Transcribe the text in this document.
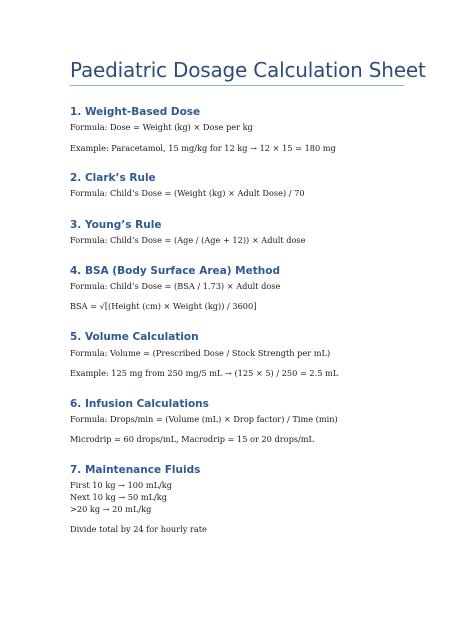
Paediatric Dosage Calculation Sheet
1. Weight-Based Dose

Formula: Dose = Weight (kg) × Dose per kg

Example: Paracetamol, 15 mg/kg for 12 kg → 12 × 15 = 180 mg

2. Clark’s Rule

Formula: Child’s Dose = (Weight (kg) × Adult Dose) / 70

3. Young’s Rule

Formula: Child’s Dose = (Age / (Age + 12)) × Adult dose

4. BSA (Body Surface Area) Method

Formula: Child’s Dose = (BSA / 1.73) × Adult dose

BSA = √[(Height (cm) × Weight (kg)) / 3600]

5. Volume Calculation

Formula: Volume = (Prescribed Dose / Stock Strength per mL)

Example: 125 mg from 250 mg/5 mL → (125 × 5) / 250 = 2.5 mL

6. Infusion Calculations

Formula: Drops/min = (Volume (mL) × Drop factor) / Time (min)

Microdrip = 60 drops/mL, Macrodrip = 15 or 20 drops/mL

7. Maintenance Fluids

First 10 kg → 100 mL/kg

Next 10 kg → 50 mL/kg

>20 kg → 20 mL/kg

Divide total by 24 for hourly rate
